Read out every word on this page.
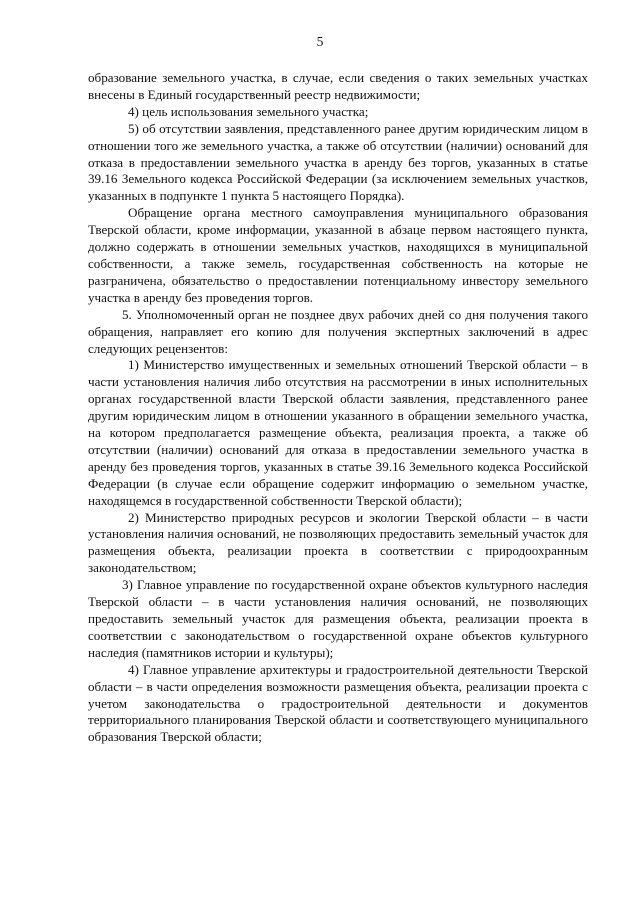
5

образование земельного участка, в случае, если сведения о таких земельных участках внесены в Единый государственный реестр недвижимости;

4) цель использования земельного участка;

5) об отсутствии заявления, представленного ранее другим юридическим лицом в отношении того же земельного участка, а также об отсутствии (наличии) оснований для отказа в предоставлении земельного участка в аренду без торгов, указанных в статье 39.16 Земельного кодекса Российской Федерации (за исключением земельных участков, указанных в подпункте 1 пункта 5 настоящего Порядка).

Обращение органа местного самоуправления муниципального образования Тверской области, кроме информации, указанной в абзаце первом настоящего пункта, должно содержать в отношении земельных участков, находящихся в муниципальной собственности, а также земель, государственная собственность на которые не разграничена, обязательство о предоставлении потенциальному инвестору земельного участка в аренду без проведения торгов.

5. Уполномоченный орган не позднее двух рабочих дней со дня получения такого обращения, направляет его копию для получения экспертных заключений в адрес следующих рецензентов:

1) Министерство имущественных и земельных отношений Тверской области – в части установления наличия либо отсутствия на рассмотрении в иных исполнительных органах государственной власти Тверской области заявления, представленного ранее другим юридическим лицом в отношении указанного в обращении земельного участка, на котором предполагается размещение объекта, реализация проекта, а также об отсутствии (наличии) оснований для отказа в предоставлении земельного участка в аренду без проведения торгов, указанных в статье 39.16 Земельного кодекса Российской Федерации (в случае если обращение содержит информацию о земельном участке, находящемся в государственной собственности Тверской области);

2) Министерство природных ресурсов и экологии Тверской области – в части установления наличия оснований, не позволяющих предоставить земельный участок для размещения объекта, реализации проекта в соответствии с природоохранным законодательством;

3) Главное управление по государственной охране объектов культурного наследия Тверской области – в части установления наличия оснований, не позволяющих предоставить земельный участок для размещения объекта, реализации проекта в соответствии с законодательством о государственной охране объектов культурного наследия (памятников истории и культуры);

4) Главное управление архитектуры и градостроительной деятельности Тверской области – в части определения возможности размещения объекта, реализации проекта с учетом законодательства о градостроительной деятельности и документов территориального планирования Тверской области и соответствующего муниципального образования Тверской области;
